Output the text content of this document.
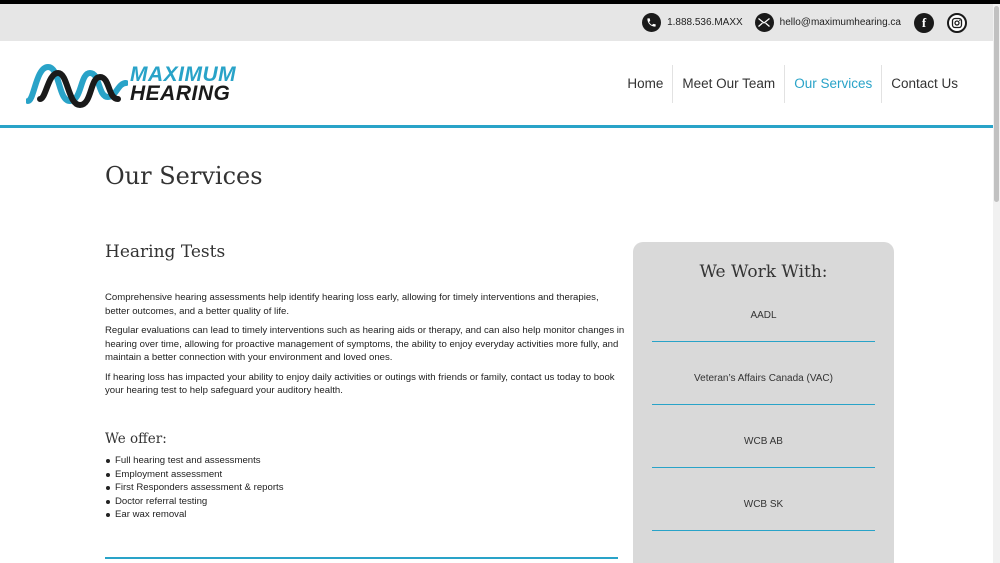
1.888.536.MAXX	hello@maximumhearing.ca	f
MAXIMUM
HEARING	Home	Meet Our Team	Our Services	Contact Us
Our Services
Hearing Tests

Comprehensive hearing assessments help identify hearing loss early, allowing for timely interventions and therapies, better outcomes, and a better quality of life.

Regular evaluations can lead to timely interventions such as hearing aids or therapy, and can also help monitor changes in hearing over time, allowing for proactive management of symptoms, the ability to enjoy everyday activities more fully, and maintain a better connection with your environment and loved ones.

If hearing loss has impacted your ability to enjoy daily activities or outings with friends or family, contact us today to book your hearing test to help safeguard your auditory health.

We offer:
Full hearing test and assessments
Employment assessment
First Responders assessment & reports
Doctor referral testing
Ear wax removal
We Work With:
AADL
Veteran’s Affairs Canada (VAC)
WCB AB
WCB SK
